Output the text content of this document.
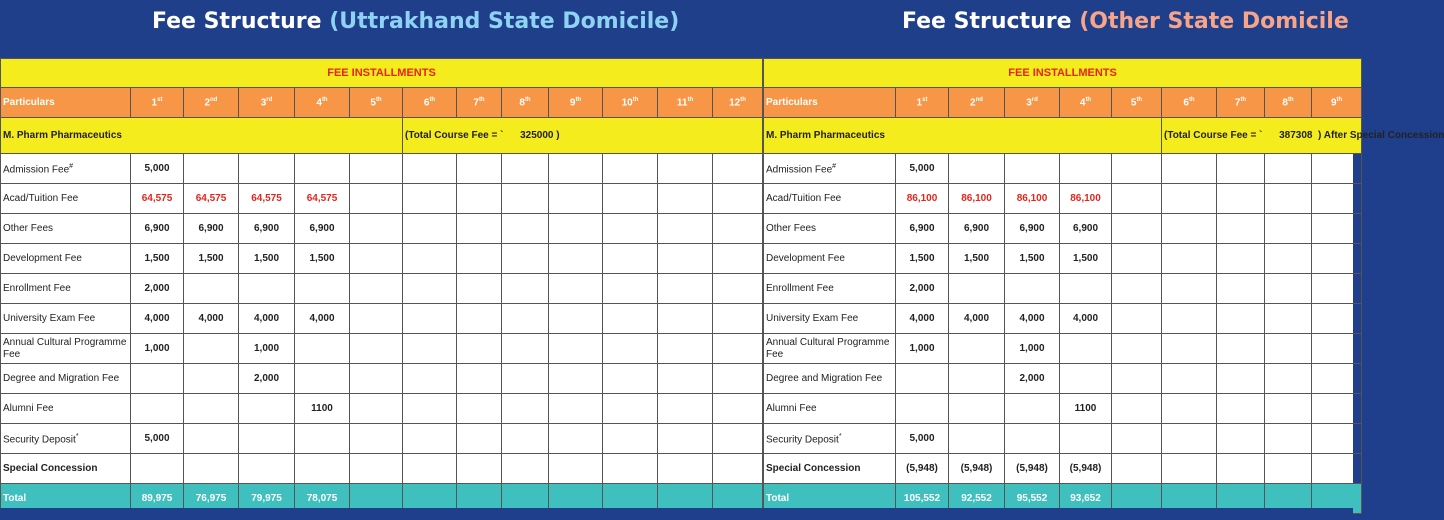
Fee Structure (Uttrakhand State Domicile)	Fee Structure (Other State Domicile
FEE INSTALLMENTS												
Particulars	1st	2nd	3rd	4th	5th	6th	7th	8th	9th	10th	11th	12th
M. Pharm Pharmaceutics						(Total Course Fee = `      325000 )						
Admission Fee#	5,000											
Acad/Tuition Fee	64,575	64,575	64,575	64,575								
Other Fees	6,900	6,900	6,900	6,900								
Development Fee	1,500	1,500	1,500	1,500								
Enrollment Fee	2,000											
University Exam Fee	4,000	4,000	4,000	4,000								
Annual Cultural Programme Fee	1,000		1,000									
Degree and Migration Fee			2,000									
Alumni Fee				1100								
Security Deposit*	5,000											
Special Concession												
Total	89,975	76,975	79,975	78,075								
FEE INSTALLMENTS									
Particulars	1st	2nd	3rd	4th	5th	6th	7th	8th	9th
M. Pharm Pharmaceutics						(Total Course Fee = `      387308  ) After Special Concession			
Admission Fee#	5,000								
Acad/Tuition Fee	86,100	86,100	86,100	86,100					
Other Fees	6,900	6,900	6,900	6,900					
Development Fee	1,500	1,500	1,500	1,500					
Enrollment Fee	2,000								
University Exam Fee	4,000	4,000	4,000	4,000					
Annual Cultural Programme Fee	1,000		1,000						
Degree and Migration Fee			2,000						
Alumni Fee				1100					
Security Deposit*	5,000								
Special Concession	(5,948)	(5,948)	(5,948)	(5,948)					
Total	105,552	92,552	95,552	93,652					
